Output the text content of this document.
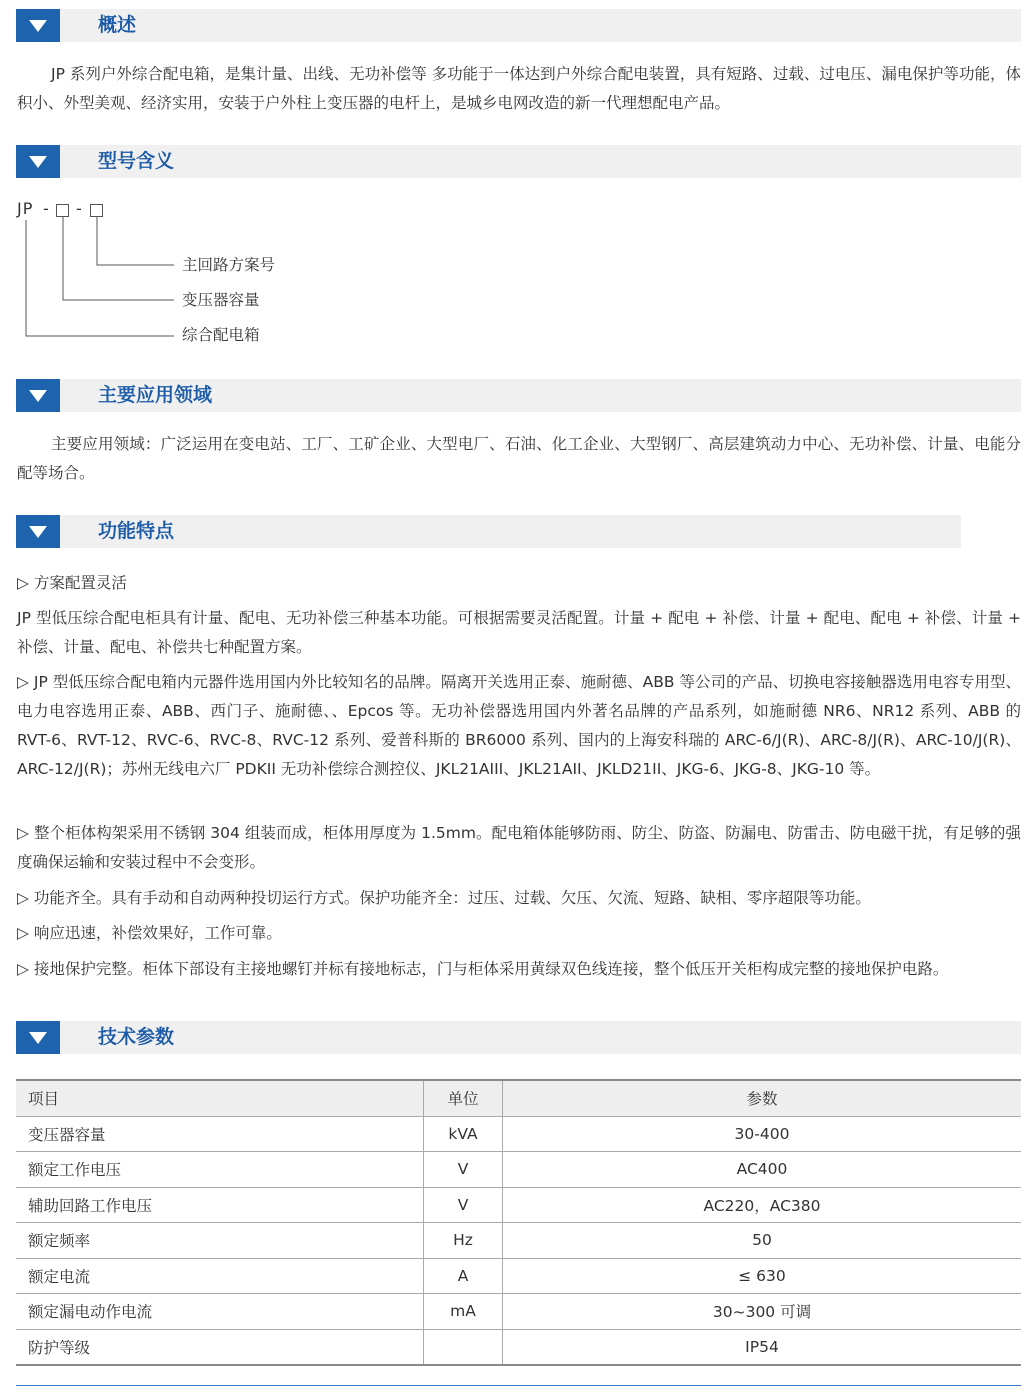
概述
JP 系列户外综合配电箱，是集计量、出线、无功补偿等 多功能于一体达到户外综合配电装置，具有短路、过载、过电压、漏电保护等功能，体积小、外型美观、经济实用，安装于户外柱上变压器的电杆上，是城乡电网改造的新一代理想配电产品。
型号含义
JP - -
主回路方案号
变压器容量
综合配电箱
主要应用领域
主要应用领域：广泛运用在变电站、工厂、工矿企业、大型电厂、石油、化工企业、大型钢厂、高层建筑动力中心、无功补偿、计量、电能分配等场合。
功能特点
▷ 方案配置灵活
JP 型低压综合配电柜具有计量、配电、无功补偿三种基本功能。可根据需要灵活配置。计量 + 配电 + 补偿、计量 + 配电、配电 + 补偿、计量 + 补偿、计量、配电、补偿共七种配置方案。
▷ JP 型低压综合配电箱内元器件选用国内外比较知名的品牌。隔离开关选用正泰、施耐德、ABB 等公司的产品、切换电容接触器选用电容专用型、电力电容选用正泰、ABB、西门子、施耐德、、Epcos 等。无功补偿器选用国内外著名品牌的产品系列，如施耐德 NR6、NR12 系列、ABB 的 RVT-6、RVT-12、RVC-6、RVC-8、RVC-12 系列、爱普科斯的 BR6000 系列、国内的上海安科瑞的 ARC-6/J(R)、ARC-8/J(R)、ARC-10/J(R)、ARC-12/J(R)；苏州无线电六厂 PDKII 无功补偿综合测控仪、JKL21AIII、JKL21AII、JKLD21II、JKG-6、JKG-8、JKG-10 等。
▷ 整个柜体构架采用不锈钢 304 组装而成，柜体用厚度为 1.5mm。配电箱体能够防雨、防尘、防盗、防漏电、防雷击、防电磁干扰，有足够的强度确保运输和安装过程中不会变形。
▷ 功能齐全。具有手动和自动两种投切运行方式。保护功能齐全：过压、过载、欠压、欠流、短路、缺相、零序超限等功能。
▷ 响应迅速，补偿效果好，工作可靠。
▷ 接地保护完整。柜体下部设有主接地螺钉并标有接地标志，门与柜体采用黄绿双色线连接，整个低压开关柜构成完整的接地保护电路。
技术参数
项目	单位	参数
变压器容量	kVA	30-400
额定工作电压	V	AC400
辅助回路工作电压	V	AC220，AC380
额定频率	Hz	50
额定电流	A	≤ 630
额定漏电动作电流	mA	30~300 可调
防护等级		IP54
